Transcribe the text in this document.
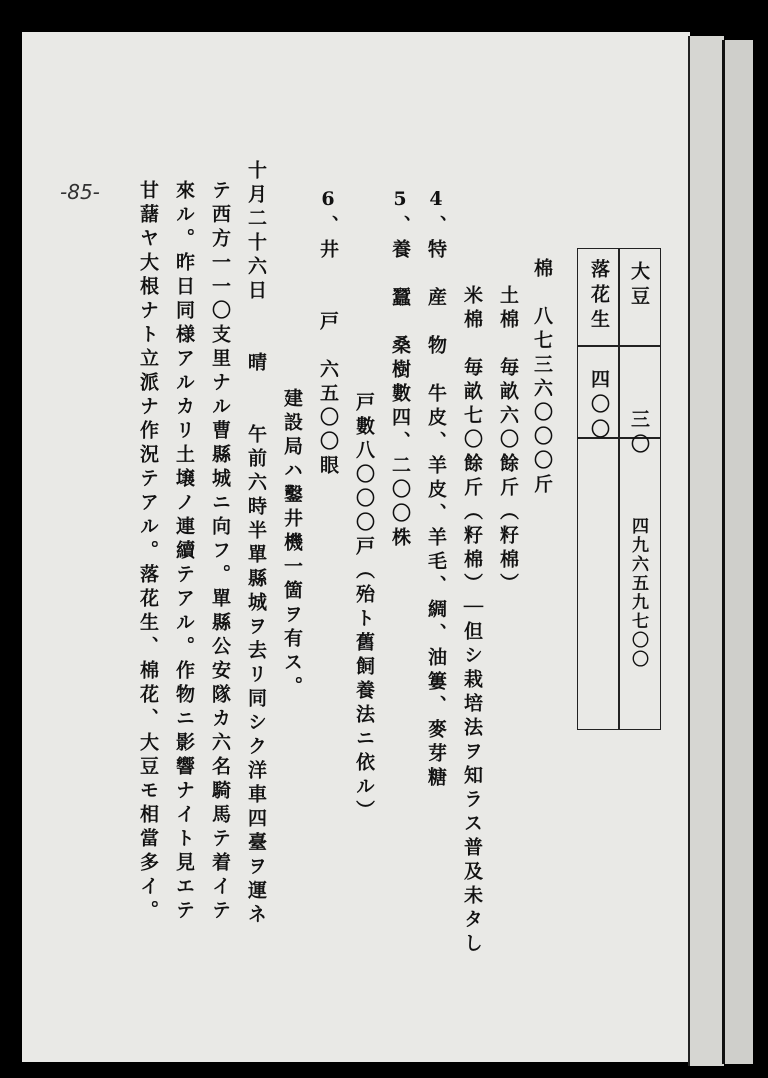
-85-
大豆
三〇
四九六五九七〇〇
落花生
四〇〇
棉　八七三六〇〇〇斤
土棉　毎畝六〇餘斤（籽棉）
米棉　毎畝七〇餘斤（籽棉）｜但シ栽培法ヲ知ラス普及未タし
4、特　産　物　牛皮、羊皮、羊毛、綢、油簍、麥芽糖
5、養　蠶　桑樹數四、二〇〇株
戸數八〇〇〇戸（殆ト舊飼養法ニ依ル）
6、井　　戸　六五〇〇眼
建設局ハ鑿井機一箇ヲ有ス。
十月二十六日　　晴　　午前六時半單縣城ヲ去リ同シク洋車四臺ヲ運ネ
テ西方一一〇支里ナル曹縣城ニ向フ。單縣公安隊カ六名騎馬テ着イテ
來ル。昨日同様アルカリ土壌ノ連續テアル。作物ニ影響ナイト見エテ
甘藷ヤ大根ナト立派ナ作況テアル。落花生、棉花、大豆モ相當多イ。
